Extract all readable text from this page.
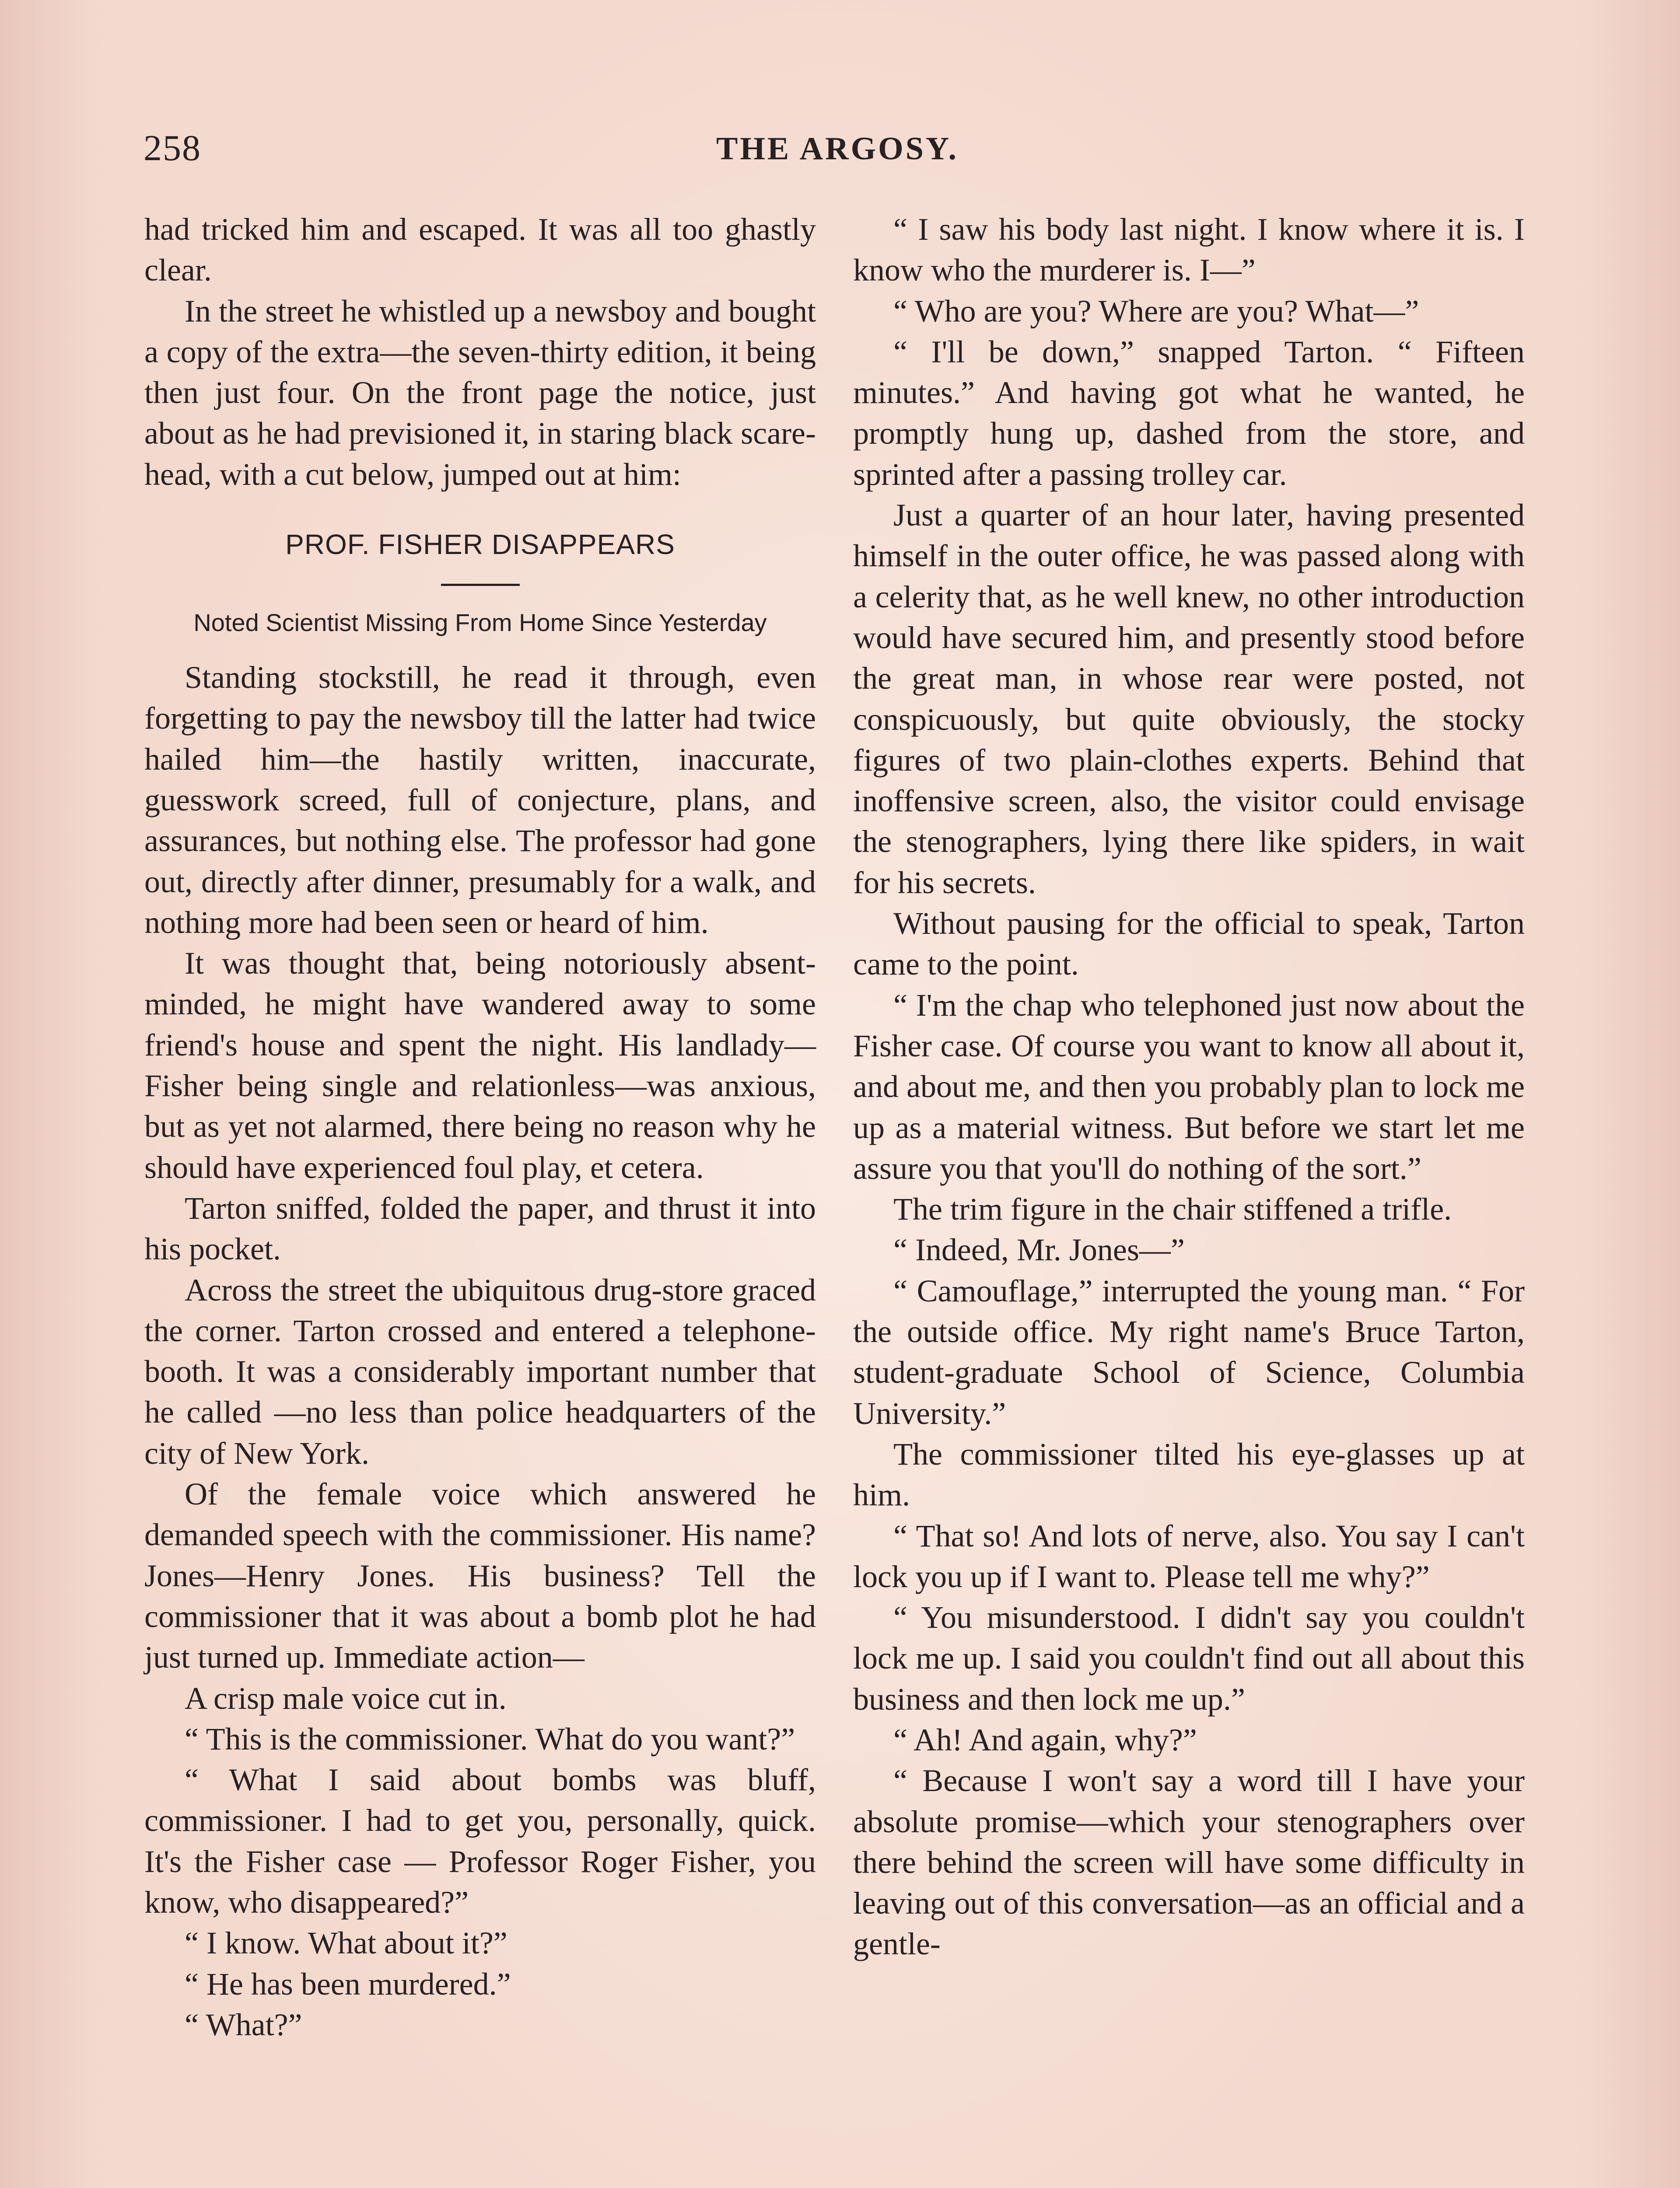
258	THE ARGOSY.

had tricked him and escaped. It was all too ghastly clear.

In the street he whistled up a newsboy and bought a copy of the extra—the seven-thirty edition, it being then just four. On the front page the notice, just about as he had previsioned it, in staring black scare-head, with a cut below, jumped out at him:

PROF. FISHER DISAPPEARS
Noted Scientist Missing From Home Since Yesterday

Standing stockstill, he read it through, even forgetting to pay the newsboy till the latter had twice hailed him—the hastily written, inaccurate, guesswork screed, full of conjecture, plans, and assurances, but nothing else. The professor had gone out, directly after dinner, presumably for a walk, and nothing more had been seen or heard of him.

It was thought that, being notoriously absent-minded, he might have wandered away to some friend's house and spent the night. His landlady—Fisher being single and relationless—was anxious, but as yet not alarmed, there being no reason why he should have experienced foul play, et cetera.

Tarton sniffed, folded the paper, and thrust it into his pocket.

Across the street the ubiquitous drug-store graced the corner. Tarton crossed and entered a telephone-booth. It was a considerably important number that he called —no less than police headquarters of the city of New York.

Of the female voice which answered he demanded speech with the commissioner. His name? Jones—Henry Jones. His business? Tell the commissioner that it was about a bomb plot he had just turned up. Immediate action—

A crisp male voice cut in.

“ This is the commissioner. What do you want?”

“ What I said about bombs was bluff, commissioner. I had to get you, personally, quick. It's the Fisher case — Professor Roger Fisher, you know, who disappeared?”

“ I know. What about it?”

“ He has been murdered.”

“ What?”

“ I saw his body last night. I know where it is. I know who the murderer is. I—”

“ Who are you? Where are you? What—”

“ I'll be down,” snapped Tarton. “ Fifteen minutes.” And having got what he wanted, he promptly hung up, dashed from the store, and sprinted after a passing trolley car.

Just a quarter of an hour later, having presented himself in the outer office, he was passed along with a celerity that, as he well knew, no other introduction would have secured him, and presently stood before the great man, in whose rear were posted, not conspicuously, but quite obviously, the stocky figures of two plain-clothes experts. Behind that inoffensive screen, also, the visitor could envisage the stenographers, lying there like spiders, in wait for his secrets.

Without pausing for the official to speak, Tarton came to the point.

“ I'm the chap who telephoned just now about the Fisher case. Of course you want to know all about it, and about me, and then you probably plan to lock me up as a material witness. But before we start let me assure you that you'll do nothing of the sort.”

The trim figure in the chair stiffened a trifle.

“ Indeed, Mr. Jones—”

“ Camouflage,” interrupted the young man. “ For the outside office. My right name's Bruce Tarton, student-graduate School of Science, Columbia University.”

The commissioner tilted his eye-glasses up at him.

“ That so! And lots of nerve, also. You say I can't lock you up if I want to. Please tell me why?”

“ You misunderstood. I didn't say you couldn't lock me up. I said you couldn't find out all about this business and then lock me up.”

“ Ah! And again, why?”

“ Because I won't say a word till I have your absolute promise—which your stenographers over there behind the screen will have some difficulty in leaving out of this conversation—as an official and a gentle-
